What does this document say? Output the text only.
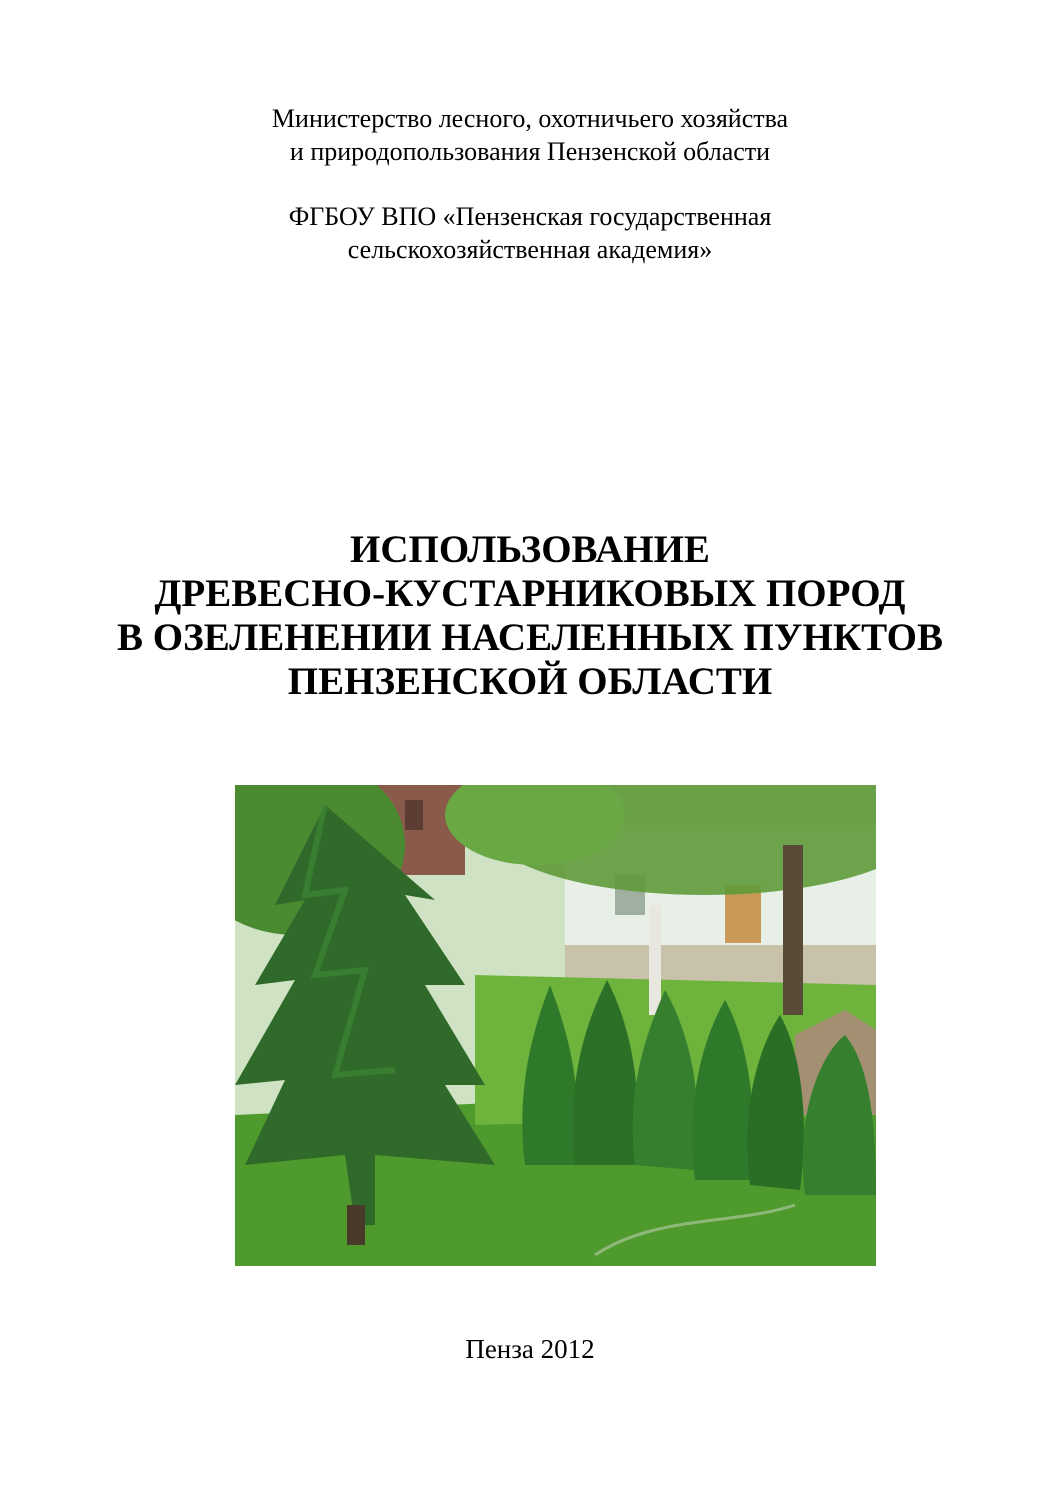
Министерство лесного, охотничьего хозяйства
и природопользования Пензенской области
ФГБОУ ВПО «Пензенская государственная
сельскохозяйственная академия»
ИСПОЛЬЗОВАНИЕ
ДРЕВЕСНО-КУСТАРНИКОВЫХ ПОРОД
В ОЗЕЛЕНЕНИИ НАСЕЛЕННЫХ ПУНКТОВ
ПЕНЗЕНСКОЙ ОБЛАСТИ
Пенза 2012
